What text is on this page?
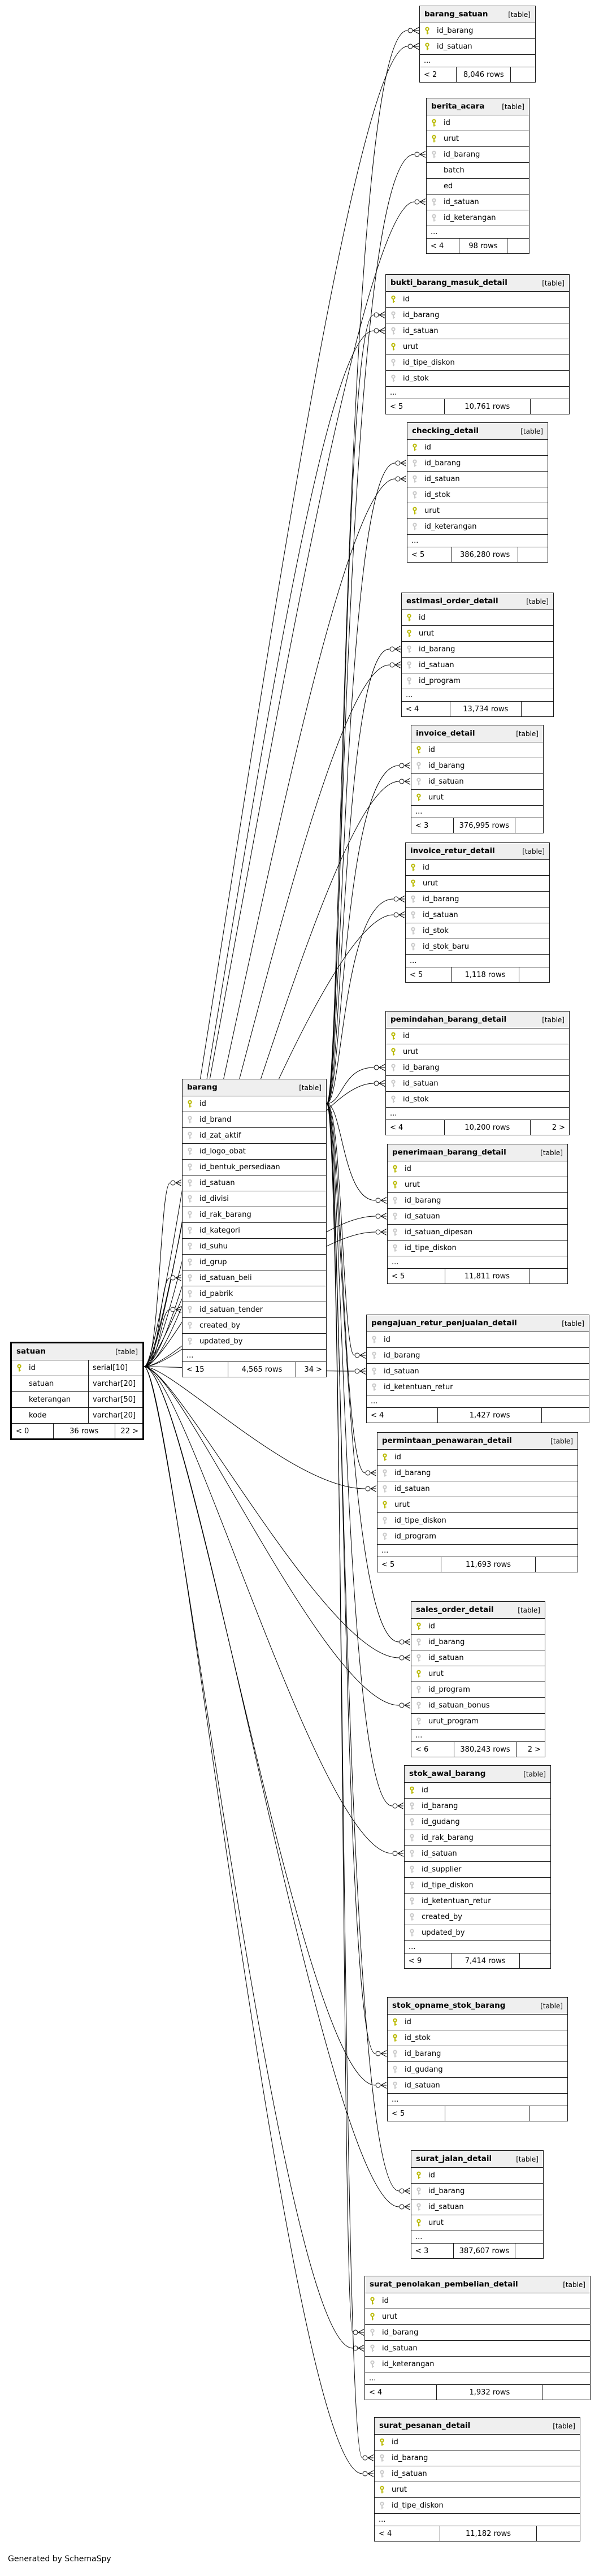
satuan	[table]
id	serial[10]
satuan	varchar[20]
keterangan	varchar[50]
kode	varchar[20]
< 0	36 rows	22 >
barang	[table]
id
id_brand
id_zat_aktif
id_logo_obat
id_bentuk_persediaan
id_satuan
id_divisi
id_rak_barang
id_kategori
id_suhu
id_grup
id_satuan_beli
id_pabrik
id_satuan_tender
created_by
updated_by
...
< 15	4,565 rows	34 >
barang_satuan	[table]
id_barang
id_satuan
...
< 2	8,046 rows
berita_acara	[table]
id
urut
id_barang
batch
ed
id_satuan
id_keterangan
...
< 4	98 rows
bukti_barang_masuk_detail	[table]
id
id_barang
id_satuan
urut
id_tipe_diskon
id_stok
...
< 5	10,761 rows
checking_detail	[table]
id
id_barang
id_satuan
id_stok
urut
id_keterangan
...
< 5	386,280 rows
estimasi_order_detail	[table]
id
urut
id_barang
id_satuan
id_program
...
< 4	13,734 rows
invoice_detail	[table]
id
id_barang
id_satuan
urut
...
< 3	376,995 rows
invoice_retur_detail	[table]
id
urut
id_barang
id_satuan
id_stok
id_stok_baru
...
< 5	1,118 rows
pemindahan_barang_detail	[table]
id
urut
id_barang
id_satuan
id_stok
...
< 4	10,200 rows	2 >
penerimaan_barang_detail	[table]
id
urut
id_barang
id_satuan
id_satuan_dipesan
id_tipe_diskon
...
< 5	11,811 rows
pengajuan_retur_penjualan_detail	[table]
id
id_barang
id_satuan
id_ketentuan_retur
...
< 4	1,427 rows
permintaan_penawaran_detail	[table]
id
id_barang
id_satuan
urut
id_tipe_diskon
id_program
...
< 5	11,693 rows
sales_order_detail	[table]
id
id_barang
id_satuan
urut
id_program
id_satuan_bonus
urut_program
...
< 6	380,243 rows	2 >
stok_awal_barang	[table]
id
id_barang
id_gudang
id_rak_barang
id_satuan
id_supplier
id_tipe_diskon
id_ketentuan_retur
created_by
updated_by
...
< 9	7,414 rows
stok_opname_stok_barang	[table]
id
id_stok
id_barang
id_gudang
id_satuan
...
< 5
surat_jalan_detail	[table]
id
id_barang
id_satuan
urut
...
< 3	387,607 rows
surat_penolakan_pembelian_detail	[table]
id
urut
id_barang
id_satuan
id_keterangan
...
< 4	1,932 rows
surat_pesanan_detail	[table]
id
id_barang
id_satuan
urut
id_tipe_diskon
...
< 4	11,182 rows
Generated by SchemaSpy
